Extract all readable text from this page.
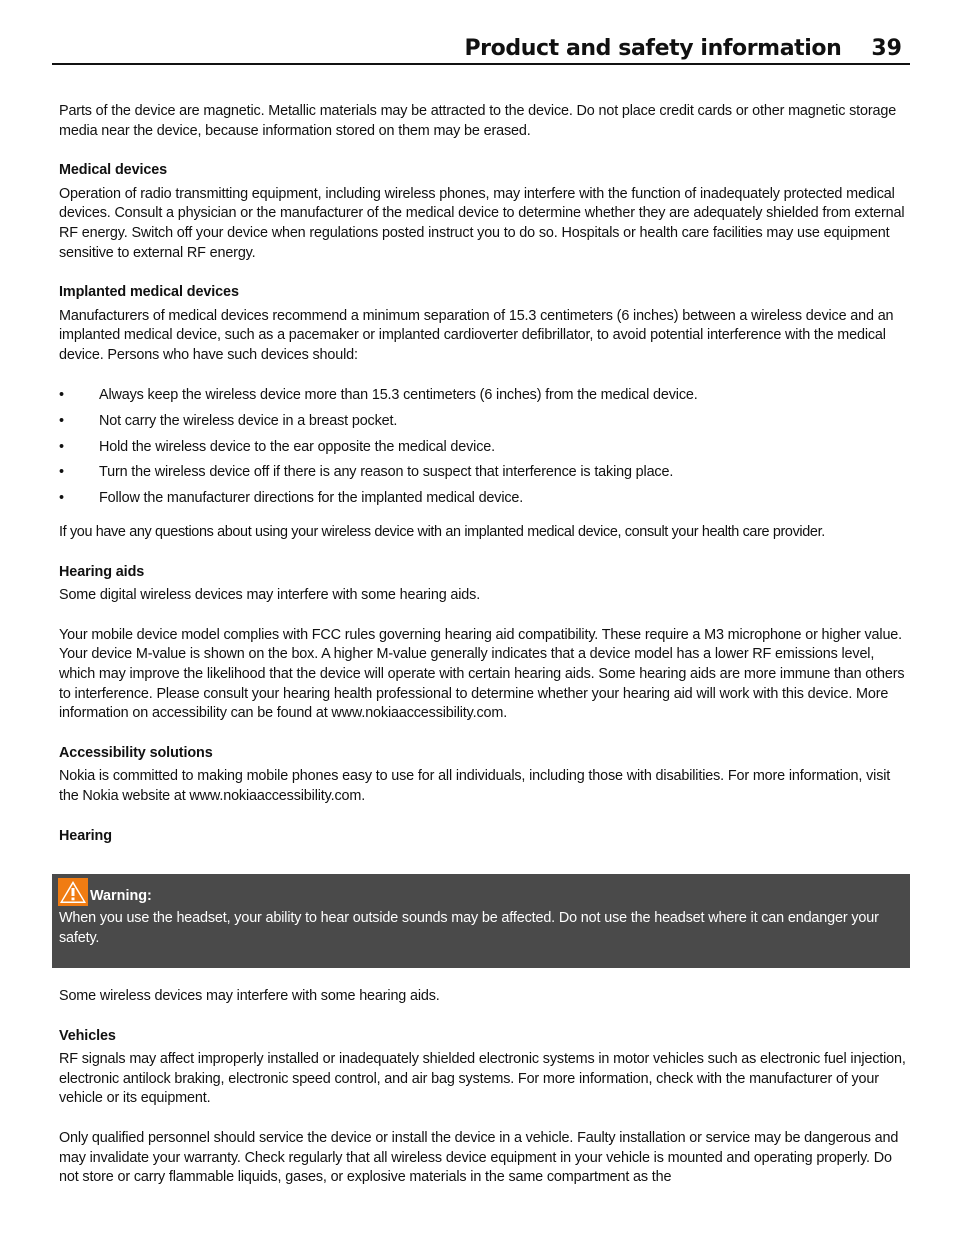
Product and safety information 39

Parts of the device are magnetic. Metallic materials may be attracted to the device. Do not place credit cards or other magnetic storage media near the device, because information stored on them may be erased.

Medical devices

Operation of radio transmitting equipment, including wireless phones, may interfere with the function of inadequately protected medical devices. Consult a physician or the manufacturer of the medical device to determine whether they are adequately shielded from external RF energy. Switch off your device when regulations posted instruct you to do so. Hospitals or health care facilities may use equipment sensitive to external RF energy.

Implanted medical devices

Manufacturers of medical devices recommend a minimum separation of 15.3 centimeters (6 inches) between a wireless device and an implanted medical device, such as a pacemaker or implanted cardioverter defibrillator, to avoid potential interference with the medical device. Persons who have such devices should:

• Always keep the wireless device more than 15.3 centimeters (6 inches) from the medical device.
• Not carry the wireless device in a breast pocket.
• Hold the wireless device to the ear opposite the medical device.
• Turn the wireless device off if there is any reason to suspect that interference is taking place.
• Follow the manufacturer directions for the implanted medical device.

If you have any questions about using your wireless device with an implanted medical device, consult your health care provider.

Hearing aids

Some digital wireless devices may interfere with some hearing aids.

Your mobile device model complies with FCC rules governing hearing aid compatibility. These require a M3 microphone or higher value. Your device M-value is shown on the box. A higher M-value generally indicates that a device model has a lower RF emissions level, which may improve the likelihood that the device will operate with certain hearing aids. Some hearing aids are more immune than others to interference. Please consult your hearing health professional to determine whether your hearing aid will work with this device. More information on accessibility can be found at www.nokiaaccessibility.com.

Accessibility solutions

Nokia is committed to making mobile phones easy to use for all individuals, including those with disabilities. For more information, visit the Nokia website at www.nokiaaccessibility.com.

Hearing

Warning:

When you use the headset, your ability to hear outside sounds may be affected. Do not use the headset where it can endanger your safety.

Some wireless devices may interfere with some hearing aids.

Vehicles

RF signals may affect improperly installed or inadequately shielded electronic systems in motor vehicles such as electronic fuel injection, electronic antilock braking, electronic speed control, and air bag systems. For more information, check with the manufacturer of your vehicle or its equipment.

Only qualified personnel should service the device or install the device in a vehicle. Faulty installation or service may be dangerous and may invalidate your warranty. Check regularly that all wireless device equipment in your vehicle is mounted and operating properly. Do not store or carry flammable liquids, gases, or explosive materials in the same compartment as the
